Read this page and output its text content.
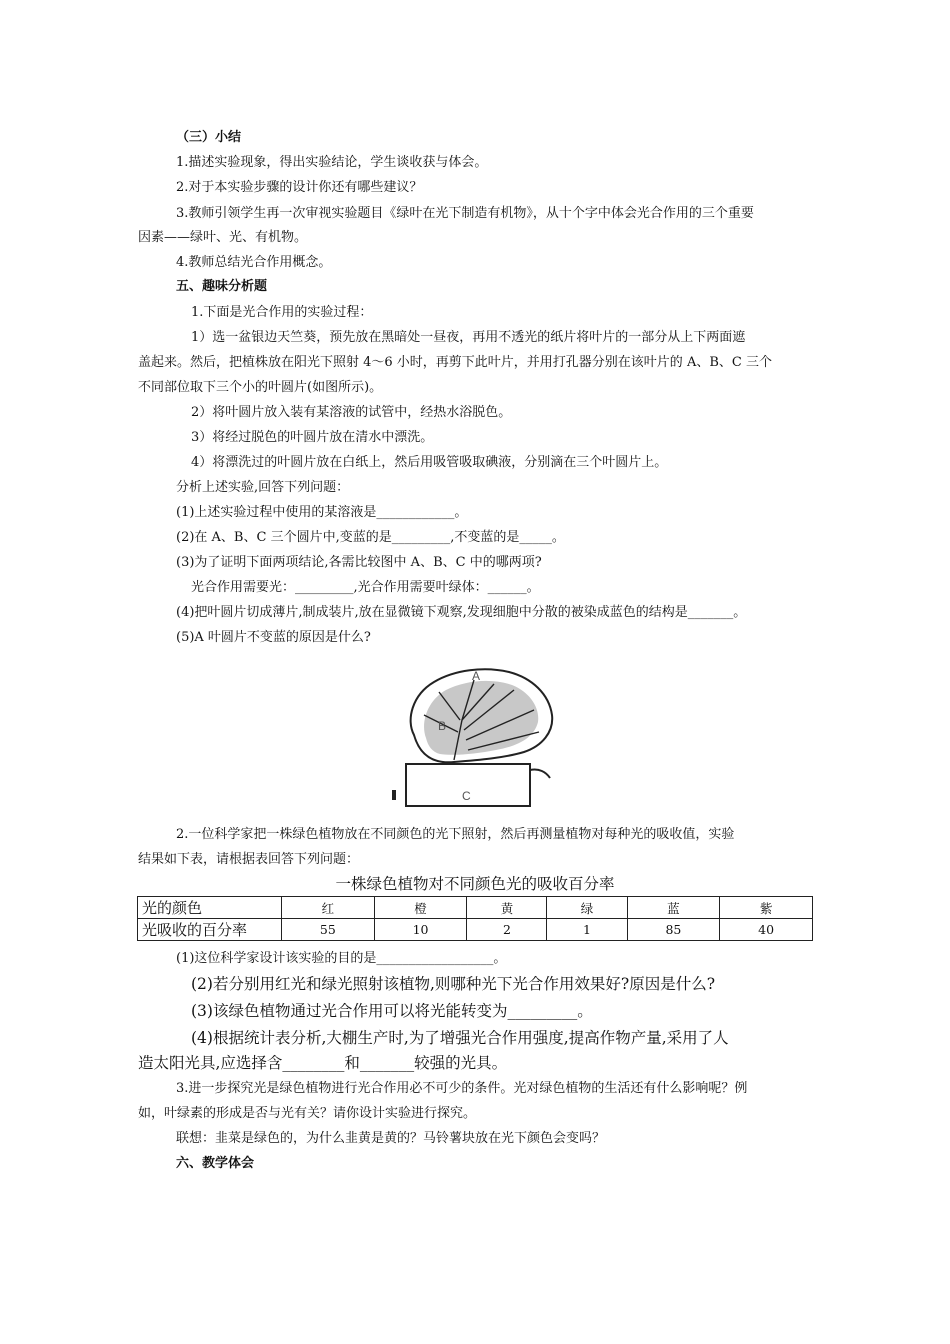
（三）小结
1.描述实验现象，得出实验结论，学生谈收获与体会。
2.对于本实验步骤的设计你还有哪些建议？
3.教师引领学生再一次审视实验题目《绿叶在光下制造有机物》，从十个字中体会光合作用的三个重要
因素——绿叶、光、有机物。
4.教师总结光合作用概念。
五、趣味分析题
1.下面是光合作用的实验过程：
1）选一盆银边天竺葵，预先放在黑暗处一昼夜，再用不透光的纸片将叶片的一部分从上下两面遮
盖起来。然后，把植株放在阳光下照射 4～6 小时，再剪下此叶片，并用打孔器分别在该叶片的 A、B、C 三个
不同部位取下三个小的叶圆片(如图所示)。
2）将叶圆片放入装有某溶液的试管中，经热水浴脱色。
3）将经过脱色的叶圆片放在清水中漂洗。
4）将漂洗过的叶圆片放在白纸上，然后用吸管吸取碘液，分别滴在三个叶圆片上。
分析上述实验,回答下列问题：
(1)上述实验过程中使用的某溶液是____________。
(2)在 A、B、C 三个圆片中,变蓝的是_________,不变蓝的是_____。
(3)为了证明下面两项结论,各需比较图中 A、B、C 中的哪两项?
光合作用需要光：_________,光合作用需要叶绿体：______。
(4)把叶圆片切成薄片,制成装片,放在显微镜下观察,发现细胞中分散的被染成蓝色的结构是_______。
(5)A 叶圆片不变蓝的原因是什么?
2.一位科学家把一株绿色植物放在不同颜色的光下照射，然后再测量植物对每种光的吸收值，实验
结果如下表，请根据表回答下列问题：
(1)这位科学家设计该实验的目的是__________________。
(2)若分别用红光和绿光照射该植物,则哪种光下光合作用效果好?原因是什么?
(3)该绿色植物通过光合作用可以将光能转变为_________。
(4)根据统计表分析,大棚生产时,为了增强光合作用强度,提高作物产量,采用了人
造太阳光具,应选择含________和_______较强的光具。
3.进一步探究光是绿色植物进行光合作用必不可少的条件。光对绿色植物的生活还有什么影响呢？例
如，叶绿素的形成是否与光有关？请你设计实验进行探究。
联想：韭菜是绿色的，为什么韭黄是黄的？马铃薯块放在光下颜色会变吗？
六、教学体会
A
B
C
一株绿色植物对不同颜色光的吸收百分率
光的颜色	红	橙	黄	绿	蓝	紫
光吸收的百分率	55	10	2	1	85	40
